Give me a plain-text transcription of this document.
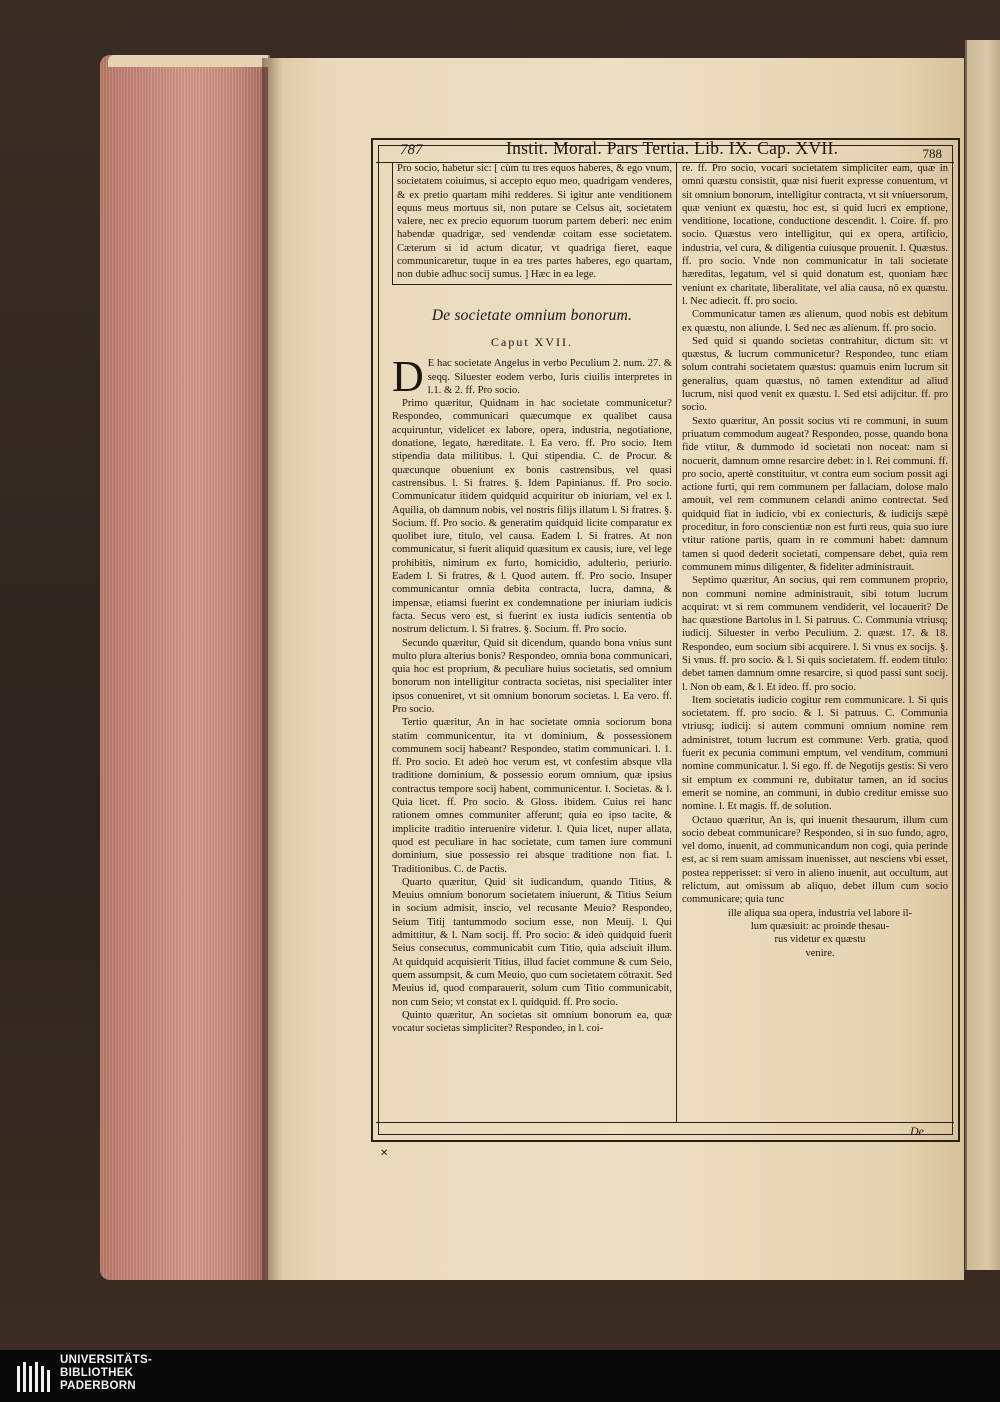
787	Instit. Moral. Pars Tertia. Lib. IX. Cap. XVII.	788

Pro socio, habetur sic: [ cùm tu tres equos haberes, & ego vnum, societatem coiuimus, si accepto equo meo, quadrigam venderes, & ex pretio quartam mihi redderes. Si igitur ante venditionem equus meus mortuus sit, non putare se Celsus ait, societatem valere, nec ex precio equorum tuorum partem deberi: nec enim habendæ quadrigæ, sed vendendæ coitam esse societatem. Cæterum si id actum dicatur, vt quadriga fieret, eaque communicaretur, tuque in ea tres partes haberes, ego quartam, non dubie adhuc socij sumus. ] Hæc in ea lege.

De societate omnium bonorum.
Caput XVII.

D E hac societate Angelus in verbo Peculium 2. num. 27. & seqq. Siluester eodem verbo, Iuris ciuilis interpretes in l.1. & 2. ff. Pro socio.

Primo quæritur, Quidnam in hac societate communicetur? Respondeo, communicari quæcumque ex qualibet causa acquiruntur, videlicet ex labore, opera, industria, negotiatione, donatione, legato, hæreditate. l. Ea vero. ff. Pro socio. Item stipendia data militibus. l. Qui stipendia. C. de Procur. & quæcunque obueniunt ex bonis castrensibus, vel quasi castrensibus. l. Si fratres. §. Idem Papinianus. ff. Pro socio. Communicatur itidem quidquid acquiritur ob iniuriam, vel ex l. Aquilia, ob damnum nobis, vel nostris filijs illatum l. Si fratres. §. Socium. ff. Pro socio. & generatim quidquid licite comparatur ex quolibet iure, titulo, vel causa. Eadem l. Si fratres. At non communicatur, si fuerit aliquid quæsitum ex causis, iure, vel lege prohibitis, nimirum ex furto, homicidio, adulterio, periurio. Eadem l. Si fratres, & l. Quod autem. ff. Pro socio. Insuper communicantur omnia debita contracta, lucra, damna, & impensæ, etiamsi fuerint ex condemnatione per iniuriam iudicis facta. Secus vero est, si fuerint ex iusta iudicis sententia ob nostrum delictum. l. Si fratres. §. Socium. ff. Pro socio.

Secundo quæritur, Quid sit dicendum, quando bona vnius sunt multo plura alterius bonis? Respondeo, omnia bona communicari, quia hoc est proprium, & peculiare huius societatis, sed omnium bonorum non intelligitur contracta societas, nisi specialiter inter ipsos conueniret, vt sit omnium bonorum societas. l. Ea vero. ff. Pro socio.

Tertio quæritur, An in hac societate omnia sociorum bona statim communicentur, ita vt dominium, & possessionem communem socij habeant? Respondeo, statim communicari. l. 1. ff. Pro socio. Et adeò hoc verum est, vt confestim absque vlla traditione dominium, & possessio eorum omnium, quæ ipsius contractus tempore socij habent, communicentur. l. Societas. & l. Quia licet. ff. Pro socio. & Gloss. ibidem. Cuius rei hanc rationem omnes communiter afferunt; quia eo ipso tacite, & implicite traditio interuenire videtur. l. Quia licet, nuper allata, quod est peculiare in hac societate, cum tamen iure communi dominium, siue possessio rei absque traditione non fiat. l. Traditionibus. C. de Pactis.

Quarto quæritur, Quid sit iudicandum, quando Titius, & Meuius omnium bonorum societatem iniuerunt, & Titius Seium in socium admisit, inscio, vel recusante Meuio? Respondeo, Seium Titij tantummodo socium esse, non Meuij. l. Qui admittitur, & l. Nam socij. ff. Pro socio: & ideò quidquid fuerit Seius consecutus, communicabit cum Titio, quia adsciuit illum. At quidquid acquisierit Titius, illud faciet commune & cum Seio, quem assumpsit, & cum Meuio, quo cum societatem cötraxit. Sed Meuius id, quod comparauerit, solum cum Titio communicabit, non cum Seio; vt constat ex l. quidquid. ff. Pro socio.

Quinto quæritur, An societas sit omnium bonorum ea, quæ vocatur societas simpliciter? Respondeo, in l. coi-

re. ff. Pro socio, vocari societatem simpliciter eam, quæ in omni quæstu consistit, quæ nisi fuerit expresse conuentum, vt sit omnium bonorum, intelligitur contracta, vt sit vniuersorum, quæ veniunt ex quæstu, hoc est, si quid lucri ex emptione, venditione, locatione, conductione descendit. l. Coire. ff. pro socio. Quæstus vero intelligitur, qui ex opera, artificio, industria, vel cura, & diligentia cuiusque prouenit. l. Quæstus. ff. pro socio. Vnde non communicatur in tali societate hæreditas, legatum, vel si quid donatum est, quoniam hæc veniunt ex charitate, liberalitate, vel alia causa, nō ex quæstu. l. Nec adiecit. ff. pro socio.

Communicatur tamen æs alienum, quod nobis est debitum ex quæstu, non aliunde. l. Sed nec æs alienum. ff. pro socio.

Sed quid si quando societas contrahitur, dictum sit: vt quæstus, & lucrum communicetur? Respondeo, tunc etiam solum contrahi societatem quæstus: quamuis enim lucrum sit generalius, quam quæstus, nō tamen extenditur ad aliud lucrum, nisi quod venit ex quæstu. l. Sed etsi adijcitur. ff. pro socio.

Sexto quæritur, An possit socius vti re communi, in suum priuatum commodum augeat? Respondeo, posse, quando bona fide vtitur, & dummodo id societati non noceat: nam si nocuerit, damnum omne resarcire debet: in l. Rei communi. ff. pro socio, apertè constituitur, vt contra eum socium possit agi actione furti, qui rem communem per fallaciam, dolose malo amouit, vel rem communem celandi animo contrectat. Sed quidquid fiat in iudicio, vbi ex coniecturis, & iudicijs sæpè proceditur, in foro conscientiæ non est furti reus, quia suo iure vtitur ratione partis, quam in re communi habet: damnum tamen si quod dederit societati, compensare debet, quia rem communem minus diligenter, & fideliter administrauit.

Septimo quæritur, An socius, qui rem communem proprio, non communi nomine administrauit, sibi totum lucrum acquirat: vt si rem communem vendiderit, vel locauerit? De hac quæstione Bartolus in l. Si patruus. C. Communia vtriusq; iudicij. Siluester in verbo Peculium. 2. quæst. 17. & 18. Respondeo, eum socium sibi acquirere. l. Si vnus ex socijs. §. Si vnus. ff. pro socio. & l. Si quis societatem. ff. eodem titulo: debet tamen damnum omne resarcire, si quod passi sunt socij. l. Non ob eam, & l. Et ideo. ff. pro socio.

Item societatis iudicio cogitur rem communicare. l. Si quis societatem. ff. pro socio. & l. Si patruus. C. Communia vtriusq; iudicij: si autem communi omnium nomine rem administret, totum lucrum est commune: Verb. gratia, quod fuerit ex pecunia communi emptum, vel venditum, communi nomine communicatur. l. Si ego. ff. de Negotijs gestis: Si vero sit emptum ex communi re, dubitatur tamen, an id socius emerit se nomine, an communi, in dubio creditur emisse suo nomine. l. Et magis. ff. de solution.

Octauo quæritur, An is, qui inuenit thesaurum, illum cum socio debeat communicare? Respondeo, si in suo fundo, agro, vel domo, inuenit, ad communicandum non cogi, quia perinde est, ac si rem suam amissam inuenisset, aut nesciens vbi esset, postea repperisset: si vero in alieno inuenit, aut occultum, aut relictum, aut omissum ab aliquo, debet illum cum socio communicare; quia tunc

ille aliqua sua opera, industria vel labore il-

lum quæsiuit: ac proinde thesau-

rus videtur ex quæstu

venire.

De
✕
UNIVERSITÄTS-
BIBLIOTHEK
PADERBORN
